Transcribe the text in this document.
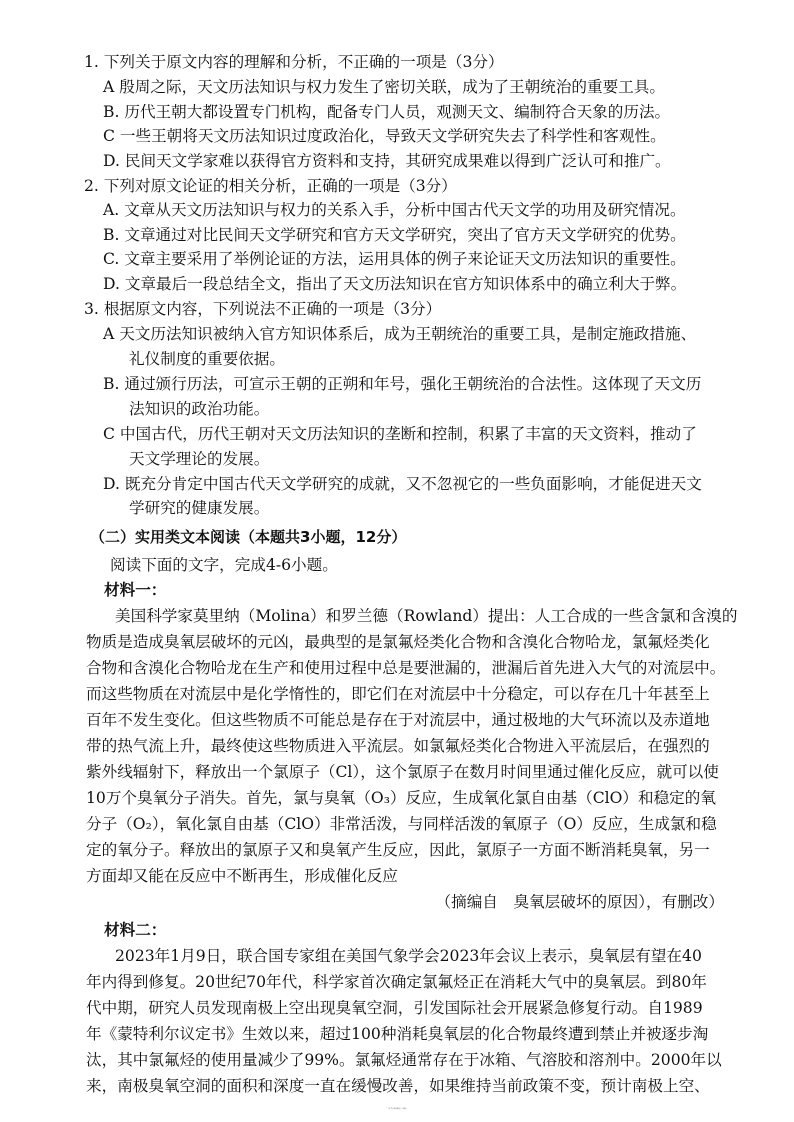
1. 下列关于原文内容的理解和分析，不正确的一项是（3分）
A 殷周之际，天文历法知识与权力发生了密切关联，成为了王朝统治的重要工具。
B. 历代王朝大都设置专门机构，配备专门人员，观测天文、编制符合天象的历法。
C 一些王朝将天文历法知识过度政治化，导致天文学研究失去了科学性和客观性。
D. 民间天文学家难以获得官方资料和支持，其研究成果难以得到广泛认可和推广。
2. 下列对原文论证的相关分析，正确的一项是（3分）
A. 文章从天文历法知识与权力的关系入手，分析中国古代天文学的功用及研究情况。
B. 文章通过对比民间天文学研究和官方天文学研究，突出了官方天文学研究的优势。
C. 文章主要采用了举例论证的方法，运用具体的例子来论证天文历法知识的重要性。
D. 文章最后一段总结全文，指出了天文历法知识在官方知识体系中的确立利大于弊。
3. 根据原文内容，下列说法不正确的一项是（3分）
A 天文历法知识被纳入官方知识体系后，成为王朝统治的重要工具，是制定施政措施、
礼仪制度的重要依据。
B. 通过颁行历法，可宣示王朝的正朔和年号，强化王朝统治的合法性。这体现了天文历
法知识的政治功能。
C 中国古代，历代王朝对天文历法知识的垄断和控制，积累了丰富的天文资料，推动了
天文学理论的发展。
D. 既充分肯定中国古代天文学研究的成就，又不忽视它的一些负面影响，才能促进天文
学研究的健康发展。
（二）实用类文本阅读（本题共3小题，12分）
阅读下面的文字，完成4-6小题。
材料一：
美国科学家莫里纳（Molina）和罗兰德（Rowland）提出：人工合成的一些含氯和含溴的
物质是造成臭氧层破坏的元凶，最典型的是氯氟烃类化合物和含溴化合物哈龙，氯氟烃类化
合物和含溴化合物哈龙在生产和使用过程中总是要泄漏的，泄漏后首先进入大气的对流层中。
而这些物质在对流层中是化学惰性的，即它们在对流层中十分稳定，可以存在几十年甚至上
百年不发生变化。但这些物质不可能总是存在于对流层中，通过极地的大气环流以及赤道地
带的热气流上升，最终使这些物质进入平流层。如氯氟烃类化合物进入平流层后，在强烈的
紫外线辐射下，释放出一个氯原子（Cl），这个氯原子在数月时间里通过催化反应，就可以使
10万个臭氧分子消失。首先，氯与臭氧（O₃）反应，生成氧化氯自由基（ClO）和稳定的氧
分子（O₂），氧化氯自由基（ClO）非常活泼，与同样活泼的氧原子（O）反应，生成氯和稳
定的氧分子。释放出的氯原子又和臭氧产生反应，因此，氯原子一方面不断消耗臭氧，另一
方面却又能在反应中不断再生，形成催化反应
（摘编自　臭氧层破坏的原因），有删改）
材料二：
2023年1月9日，联合国专家组在美国气象学会2023年会议上表示，臭氧层有望在40
年内得到修复。20世纪70年代，科学家首次确定氯氟烃正在消耗大气中的臭氧层。到80年
代中期，研究人员发现南极上空出现臭氧空洞，引发国际社会开展紧急修复行动。自1989
年《蒙特利尔议定书》生效以来，超过100种消耗臭氧层的化合物最终遭到禁止并被逐步淘
汰，其中氯氟烃的使用量减少了99%。氯氟烃通常存在于冰箱、气溶胶和溶剂中。2000年以
来，南极臭氧空洞的面积和深度一直在缓慢改善，如果维持当前政策不变，预计南极上空、
“二诊”语文试卷第2页（共8页）
